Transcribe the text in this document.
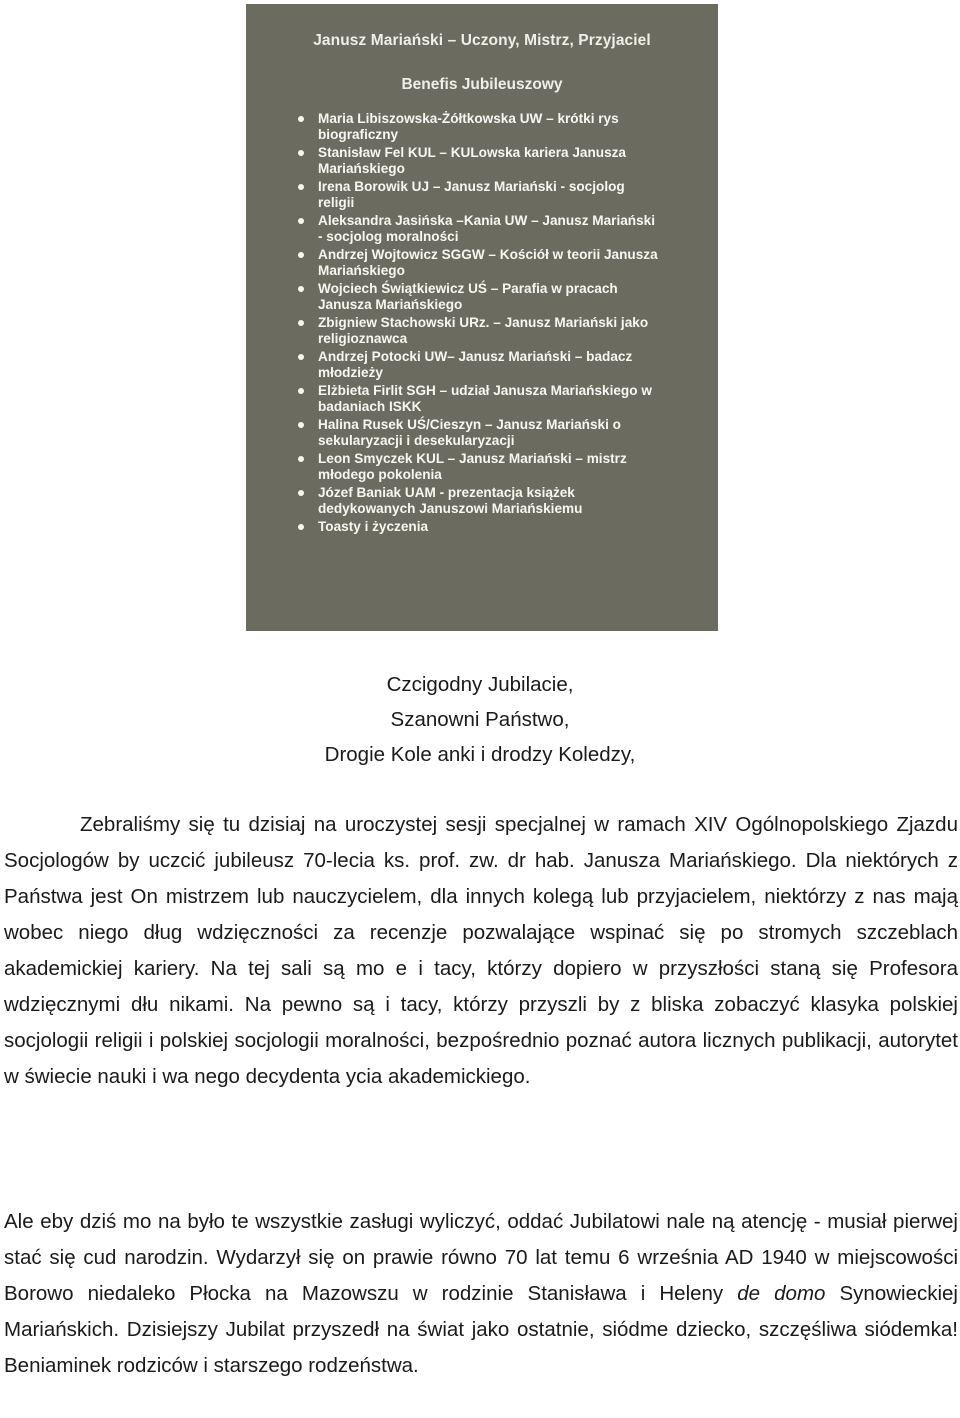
Janusz Mariański – Uczony, Mistrz, Przyjaciel
Benefis Jubileuszowy
Maria Libiszowska-Żółtkowska UW – krótki rys biograficzny
Stanisław Fel KUL – KULowska kariera Janusza Mariańskiego
Irena Borowik UJ – Janusz Mariański - socjolog religii
Aleksandra Jasińska –Kania UW – Janusz Mariański - socjolog moralności
Andrzej Wojtowicz SGGW – Kościół w teorii Janusza Mariańskiego
Wojciech Świątkiewicz UŚ – Parafia w pracach Janusza Mariańskiego
Zbigniew Stachowski URz. – Janusz Mariański jako religioznawca
Andrzej Potocki UW– Janusz Mariański – badacz młodzieży
Elżbieta Firlit SGH – udział Janusza Mariańskiego w badaniach ISKK
Halina Rusek UŚ/Cieszyn – Janusz Mariański o sekularyzacji i desekularyzacji
Leon Smyczek KUL – Janusz Mariański – mistrz młodego pokolenia
Józef Baniak UAM - prezentacja książek dedykowanych Januszowi Mariańskiemu
Toasty i życzenia
Czcigodny Jubilacie,
Szanowni Państwo,
Drogie Kole anki i drodzy Koledzy,
Zebraliśmy się tu dzisiaj na uroczystej sesji specjalnej w ramach XIV Ogólnopolskiego Zjazdu Socjologów by uczcić jubileusz 70-lecia ks. prof. zw. dr hab. Janusza Mariańskiego. Dla niektórych z Państwa jest On mistrzem lub nauczycielem, dla innych kolegą lub przyjacielem, niektórzy z nas mają wobec niego dług wdzięczności za recenzje pozwalające wspinać się po stromych szczeblach akademickiej kariery. Na tej sali są mo e i tacy, którzy dopiero w przyszłości staną się Profesora wdzięcznymi dłu nikami. Na pewno są i tacy, którzy przyszli by z bliska zobaczyć klasyka polskiej socjologii religii i polskiej socjologii moralności, bezpośrednio poznać autora licznych publikacji, autorytet w świecie nauki i wa nego decydenta ycia akademickiego.
Ale eby dziś mo na było te wszystkie zasługi wyliczyć, oddać Jubilatowi nale ną atencję - musiał pierwej stać się cud narodzin. Wydarzył się on prawie równo 70 lat temu 6 września AD 1940 w miejscowości Borowo niedaleko Płocka na Mazowszu w rodzinie Stanisława i Heleny de domo Synowieckiej Mariańskich. Dzisiejszy Jubilat przyszedł na świat jako ostatnie, siódme dziecko, szczęśliwa siódemka! Beniaminek rodziców i starszego rodzeństwa.
